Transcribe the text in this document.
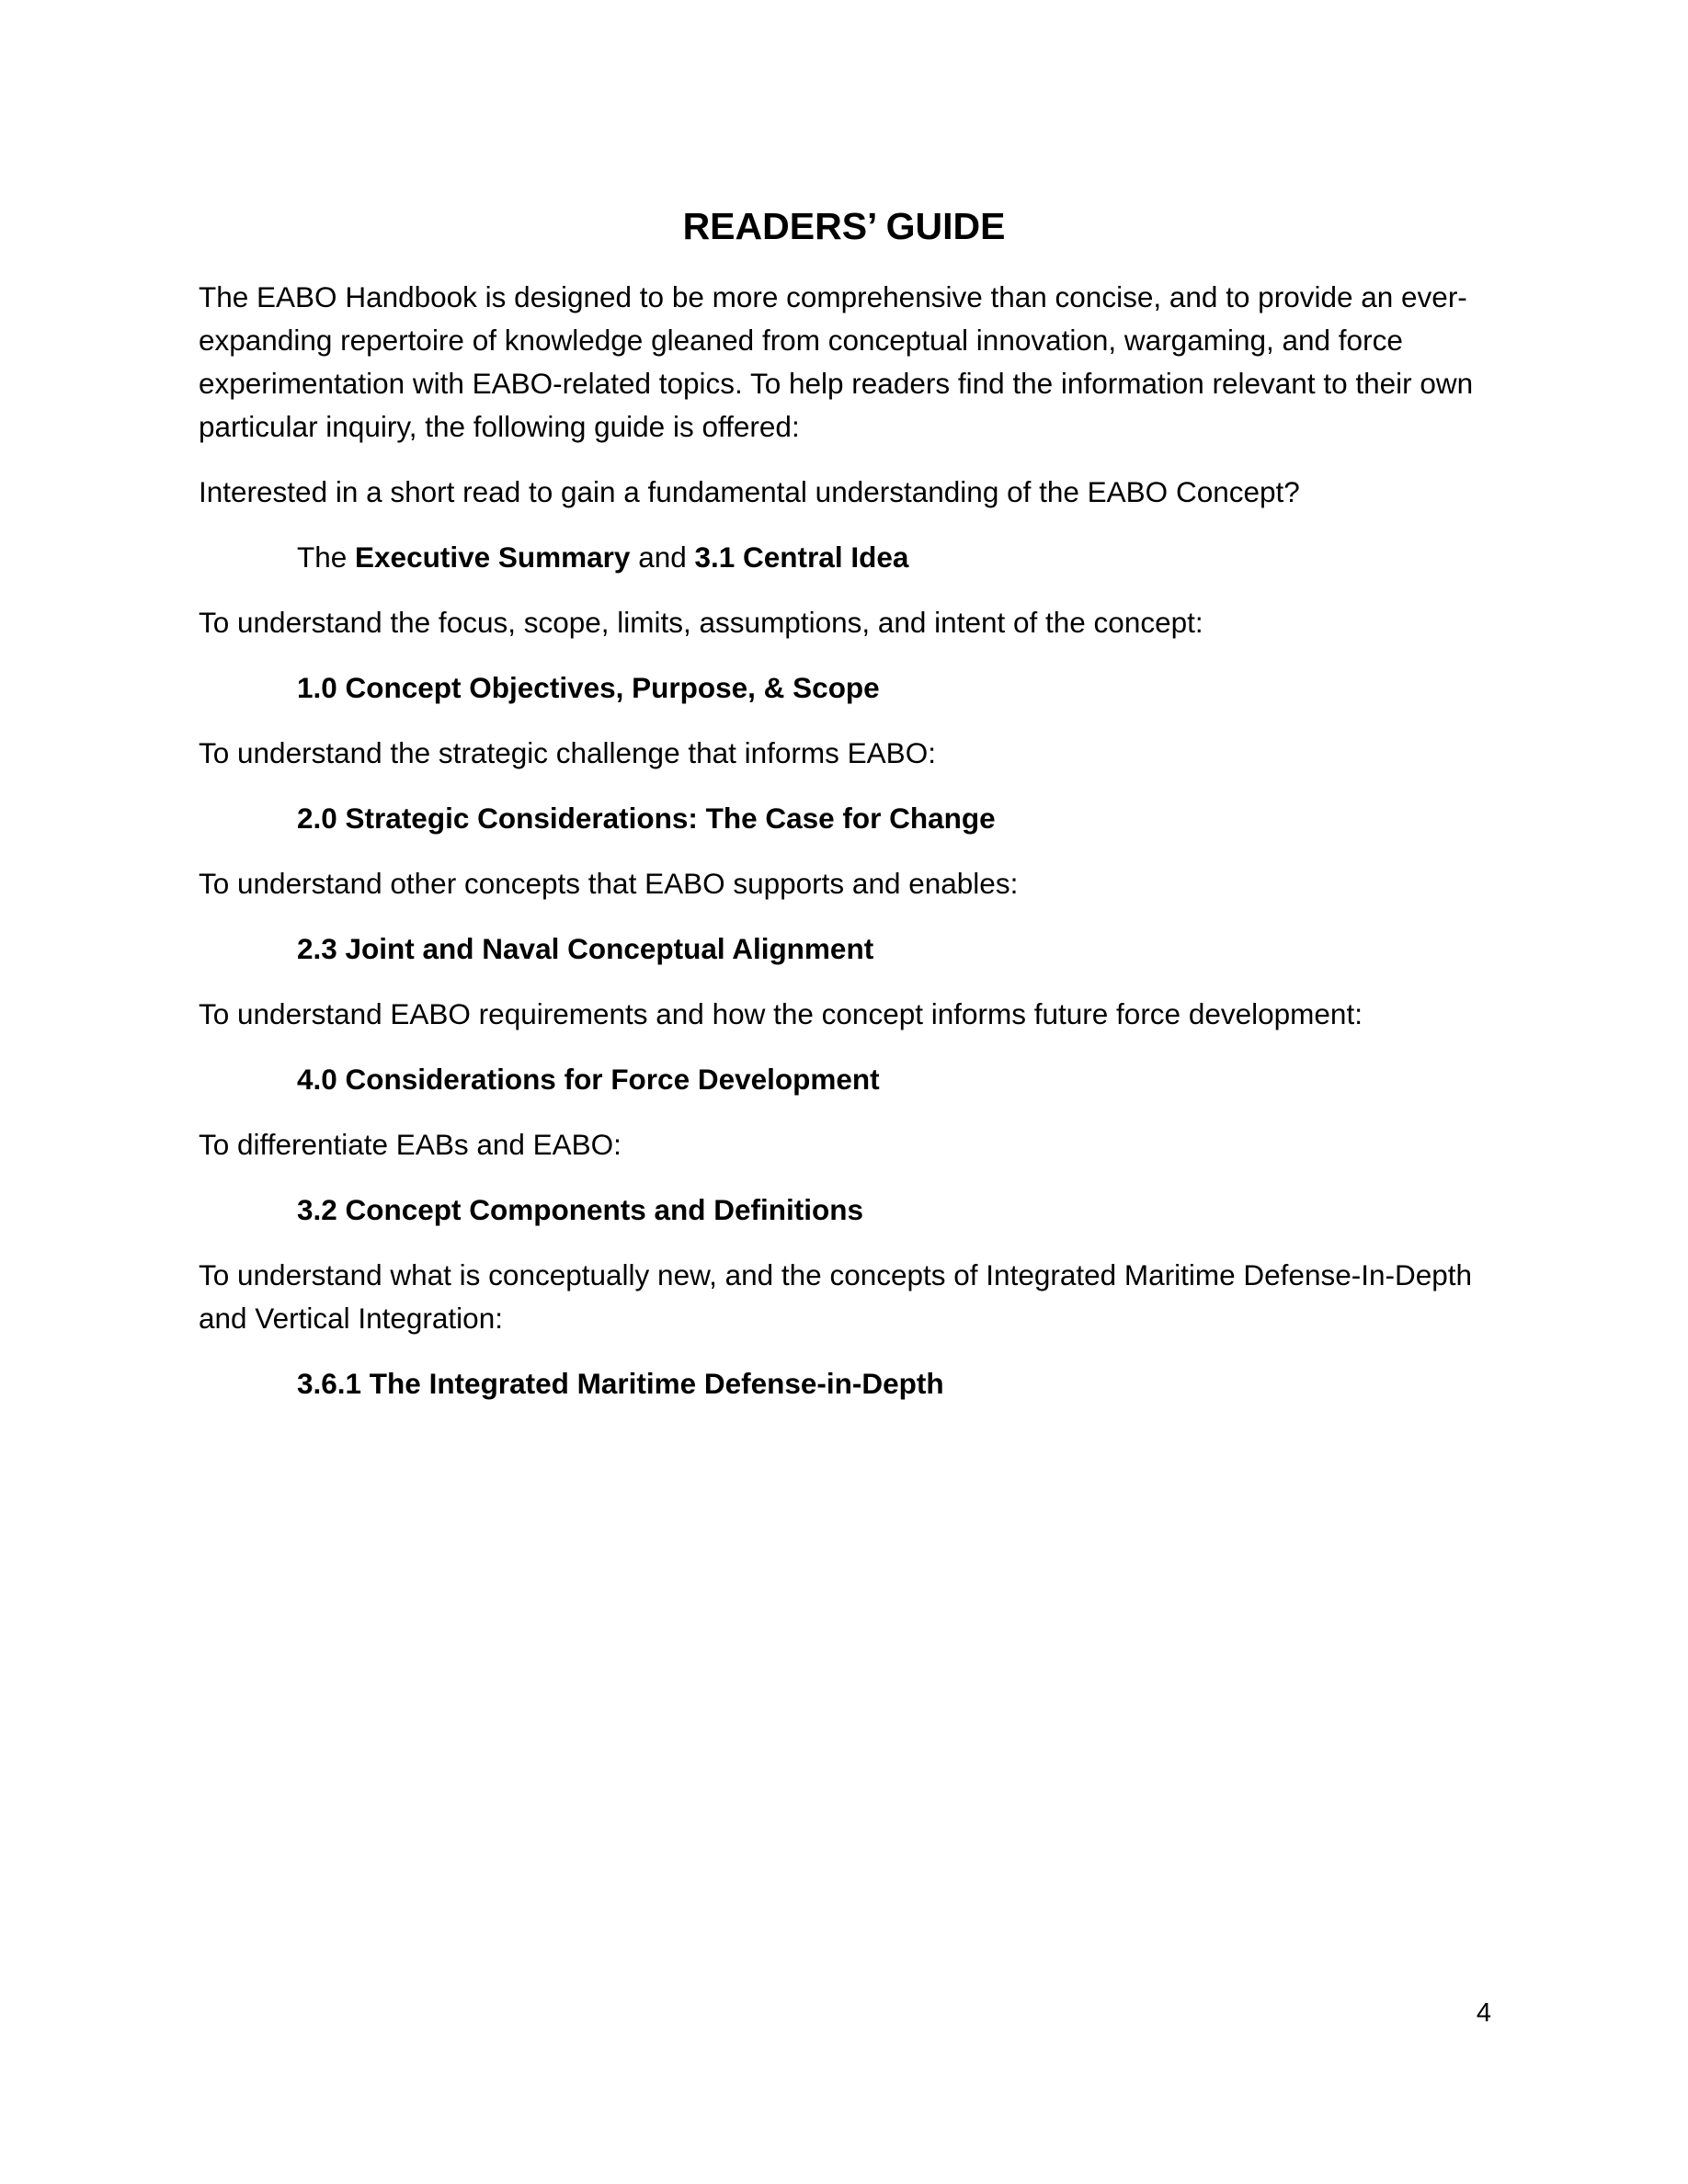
READERS’ GUIDE

The EABO Handbook is designed to be more comprehensive than concise, and to provide an ever-expanding repertoire of knowledge gleaned from conceptual innovation, wargaming, and force experimentation with EABO-related topics. To help readers find the information relevant to their own particular inquiry, the following guide is offered:

Interested in a short read to gain a fundamental understanding of the EABO Concept?

The Executive Summary and 3.1 Central Idea

To understand the focus, scope, limits, assumptions, and intent of the concept:

1.0 Concept Objectives, Purpose, & Scope

To understand the strategic challenge that informs EABO:

2.0 Strategic Considerations: The Case for Change

To understand other concepts that EABO supports and enables:

2.3 Joint and Naval Conceptual Alignment

To understand EABO requirements and how the concept informs future force development:

4.0 Considerations for Force Development

To differentiate EABs and EABO:

3.2 Concept Components and Definitions

To understand what is conceptually new, and the concepts of Integrated Maritime Defense-In-Depth and Vertical Integration:

3.6.1 The Integrated Maritime Defense-in-Depth

4
